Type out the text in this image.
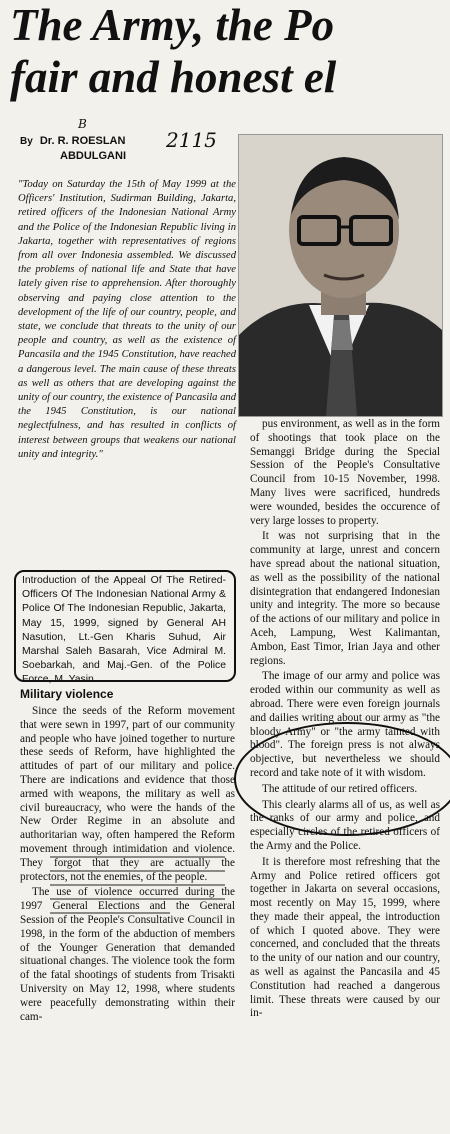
The Army, the Po
fair and honest el
B
By Dr. R. ROESLAN
ABDULGANI
2115
"Today on Saturday the 15th of May 1999 at the Officers' Institution, Sudirman Building, Jakarta, retired officers of the Indonesian National Army and the Police of the Indonesian Republic living in Jakarta, together with representatives of regions from all over Indonesia assembled. We discussed the problems of national life and State that have lately given rise to apprehension. After thoroughly observing and paying close attention to the development of the life of our country, people, and state, we conclude that threats to the unity of our people and country, as well as the existence of Pancasila and the 1945 Constitution, have reached a dangerous level. The main cause of these threats as well as others that are developing against the unity of our country, the existence of Pancasila and the 1945 Constitution, is our national neglectfulness, and has resulted in conflicts of interest between groups that weakens our national unity and integrity."
Introduction of the Appeal Of The Retired-Officers Of The Indonesian National Army & Police Of The Indonesian Republic, Jakarta, May 15, 1999, signed by General AH Nasution, Lt.-Gen Kharis Suhud, Air Marshal Saleh Basarah, Vice Admiral M. Soebarkah, and Maj.-Gen. of the Police Force, M. Yasin.
Military violence

Since the seeds of the Reform movement that were sewn in 1997, part of our community and people who have joined together to nurture these seeds of Reform, have highlighted the attitudes of part of our military and police. There are indications and evidence that those armed with weapons, the military as well as civil bureaucracy, who were the hands of the New Order Regime in an absolute and authoritarian way, often hampered the Reform movement through intimidation and violence. They forgot that they are actually the protectors, not the enemies, of the people.

The use of violence occurred during the 1997 General Elections and the General Session of the People's Consultative Council in 1998, in the form of the abduction of members of the Younger Generation that demanded situational changes. The violence took the form of the fatal shootings of students from Trisakti University on May 12, 1998, where students were peacefully demonstrating within their cam-

pus environment, as well as in the form of shootings that took place on the Semanggi Bridge during the Special Session of the People's Consultative Council from 10-15 November, 1998. Many lives were sacrificed, hundreds were wounded, besides the occurence of very large losses to property.

It was not surprising that in the community at large, unrest and concern have spread about the national situation, as well as the possibility of the national disintegration that endangered Indonesian unity and integrity. The more so because of the actions of our military and police in Aceh, Lampung, West Kalimantan, Ambon, East Timor, Irian Jaya and other regions.

The image of our army and police was eroded within our community as well as abroad. There were even foreign journals and dailies writing about our army as "the bloody Army" or "the army tainted with blood". The foreign press is not always objective, but nevertheless we should record and take note of it with wisdom.

The attitude of our retired officers.

This clearly alarms all of us, as well as the ranks of our army and police, and especially circles of the retired officers of the Army and the Police.

It is therefore most refreshing that the Army and Police retired officers got together in Jakarta on several occasions, most recently on May 15, 1999, where they made their appeal, the introduction of which I quoted above. They were concerned, and concluded that the threats to the unity of our nation and our country, as well as against the Pancasila and 45 Constitution had reached a dangerous limit. These threats were caused by our in-
